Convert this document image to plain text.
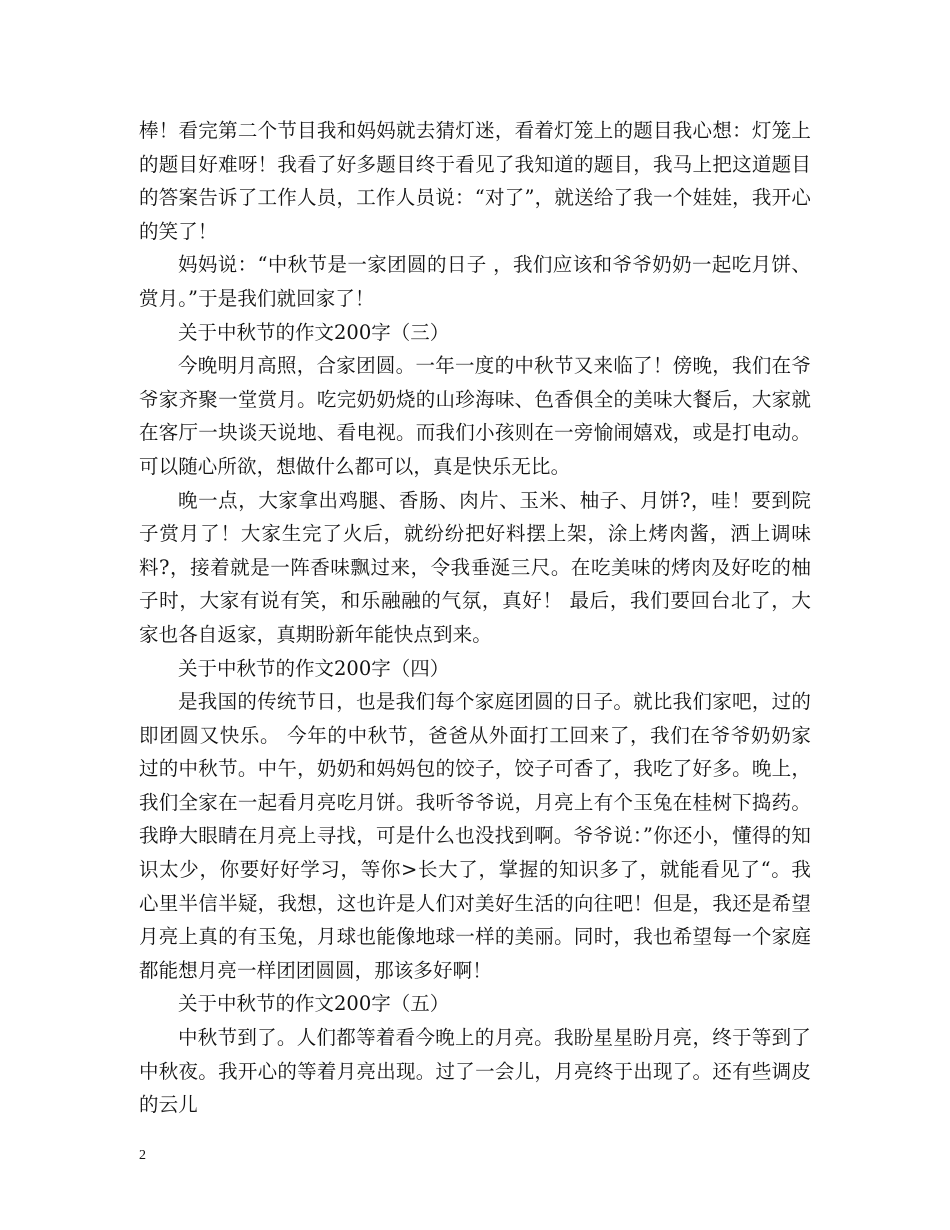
棒！看完第二个节目我和妈妈就去猜灯迷，看着灯笼上的题目我心想：灯笼上的题目好难呀！我看了好多题目终于看见了我知道的题目，我马上把这道题目的答案告诉了工作人员，工作人员说：“对了”，就送给了我一个娃娃，我开心的笑了！

妈妈说：“中秋节是一家团圆的日子 ，我们应该和爷爷奶奶一起吃月饼、赏月。”于是我们就回家了！

关于中秋节的作文200字（三）

今晚明月高照，合家团圆。一年一度的中秋节又来临了！傍晚，我们在爷爷家齐聚一堂赏月。吃完奶奶烧的山珍海味、色香俱全的美味大餐后，大家就在客厅一块谈天说地、看电视。而我们小孩则在一旁愉闹嬉戏，或是打电动。可以随心所欲，想做什么都可以，真是快乐无比。

晚一点，大家拿出鸡腿、香肠、肉片、玉米、柚子、月饼?，哇！要到院子赏月了！大家生完了火后，就纷纷把好料摆上架，涂上烤肉酱，洒上调味料?，接着就是一阵香味飘过来，令我垂涎三尺。在吃美味的烤肉及好吃的柚子时，大家有说有笑，和乐融融的气氛，真好！ 最后，我们要回台北了，大家也各自返家，真期盼新年能快点到来。

关于中秋节的作文200字（四）

是我国的传统节日，也是我们每个家庭团圆的日子。就比我们家吧，过的即团圆又快乐。 今年的中秋节，爸爸从外面打工回来了，我们在爷爷奶奶家过的中秋节。中午，奶奶和妈妈包的饺子，饺子可香了，我吃了好多。晚上，我们全家在一起看月亮吃月饼。我听爷爷说，月亮上有个玉兔在桂树下捣药。我睁大眼睛在月亮上寻找，可是什么也没找到啊。爷爷说：”你还小，懂得的知识太少，你要好好学习，等你>长大了，掌握的知识多了，就能看见了“。我心里半信半疑，我想，这也许是人们对美好生活的向往吧！但是，我还是希望月亮上真的有玉兔，月球也能像地球一样的美丽。同时，我也希望每一个家庭都能想月亮一样团团圆圆，那该多好啊！

关于中秋节的作文200字（五）

中秋节到了。人们都等着看今晚上的月亮。我盼星星盼月亮，终于等到了中秋夜。我开心的等着月亮出现。过了一会儿，月亮终于出现了。还有些调皮的云儿

2
